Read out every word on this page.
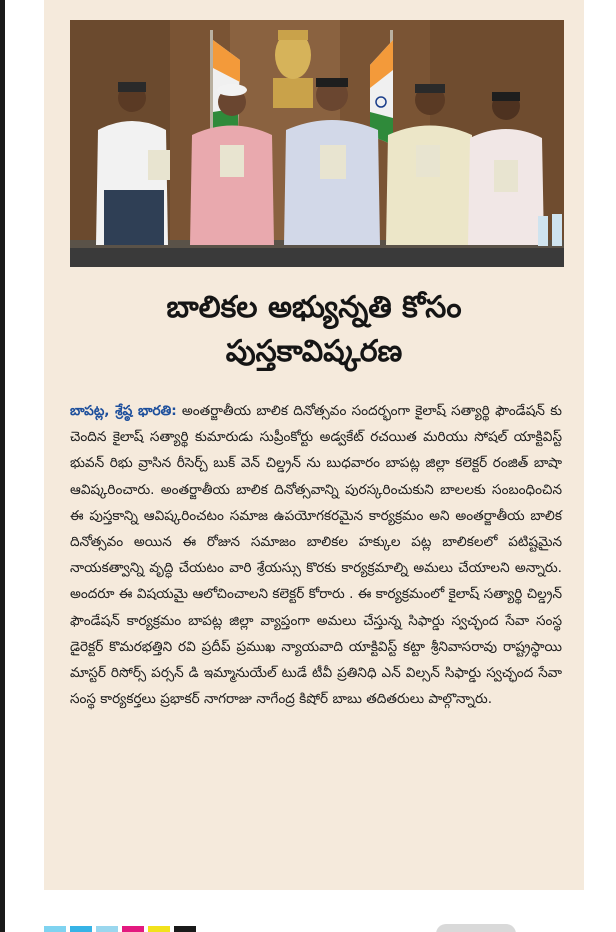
బాలికల అభ్యున్నతి కోసం
పుస్తకావిష్కరణ
బాపట్ల, శ్రేష్ఠ భారతి: అంతర్జాతీయ బాలిక దినోత్సవం సందర్భంగా కైలాష్ సత్యార్థి ఫౌండేషన్ కు చెందిన కైలాష్ సత్యార్థి కుమారుడు సుప్రీంకోర్టు అడ్వకేట్ రచయిత మరియు సోషల్ యాక్టివిస్ట్ భువన్ రిభు వ్రాసిన రీసెర్చ్ బుక్ వెన్ చిల్డ్రన్ ను బుధవారం బాపట్ల జిల్లా కలెక్టర్ రంజిత్ బాషా ఆవిష్కరించారు. అంతర్జాతీయ బాలిక దినోత్సవాన్ని పురస్కరించుకుని బాలలకు సంబంధించిన ఈ పుస్తకాన్ని ఆవిష్కరించటం సమాజ ఉపయోగకరమైన కార్యక్రమం అని అంతర్జాతీయ బాలిక దినోత్సవం అయిన ఈ రోజున సమాజం బాలికల హక్కుల పట్ల బాలికలలో పటిష్టమైన నాయకత్వాన్ని వృద్ధి చేయటం వారి శ్రేయస్సు కొరకు కార్యక్రమాల్ని అమలు చేయాలని అన్నారు. అందరూ ఈ విషయమై ఆలోచించాలని కలెక్టర్ కోరారు . ఈ కార్యక్రమంలో కైలాష్ సత్యార్థి చిల్డ్రన్ ఫౌండేషన్ కార్యక్రమం బాపట్ల జిల్లా వ్యాప్తంగా అమలు చేస్తున్న సిఫార్డు స్వచ్ఛంద సేవా సంస్థ డైరెక్టర్ కొమరభత్తిని రవి ప్రదీప్ ప్రముఖ న్యాయవాది యాక్టివిస్ట్ కట్టా శ్రీనివాసరావు రాష్ట్రస్థాయి మాస్టర్ రిసోర్స్ పర్సన్ డి ఇమ్మానుయేల్ టుడే టీవీ ప్రతినిధి ఎన్ విల్సన్ సిఫార్డు స్వచ్ఛంద సేవా సంస్థ కార్యకర్తలు ప్రభాకర్ నాగరాజు నాగేంద్ర కిషోర్ బాబు తదితరులు పాల్గొన్నారు.
